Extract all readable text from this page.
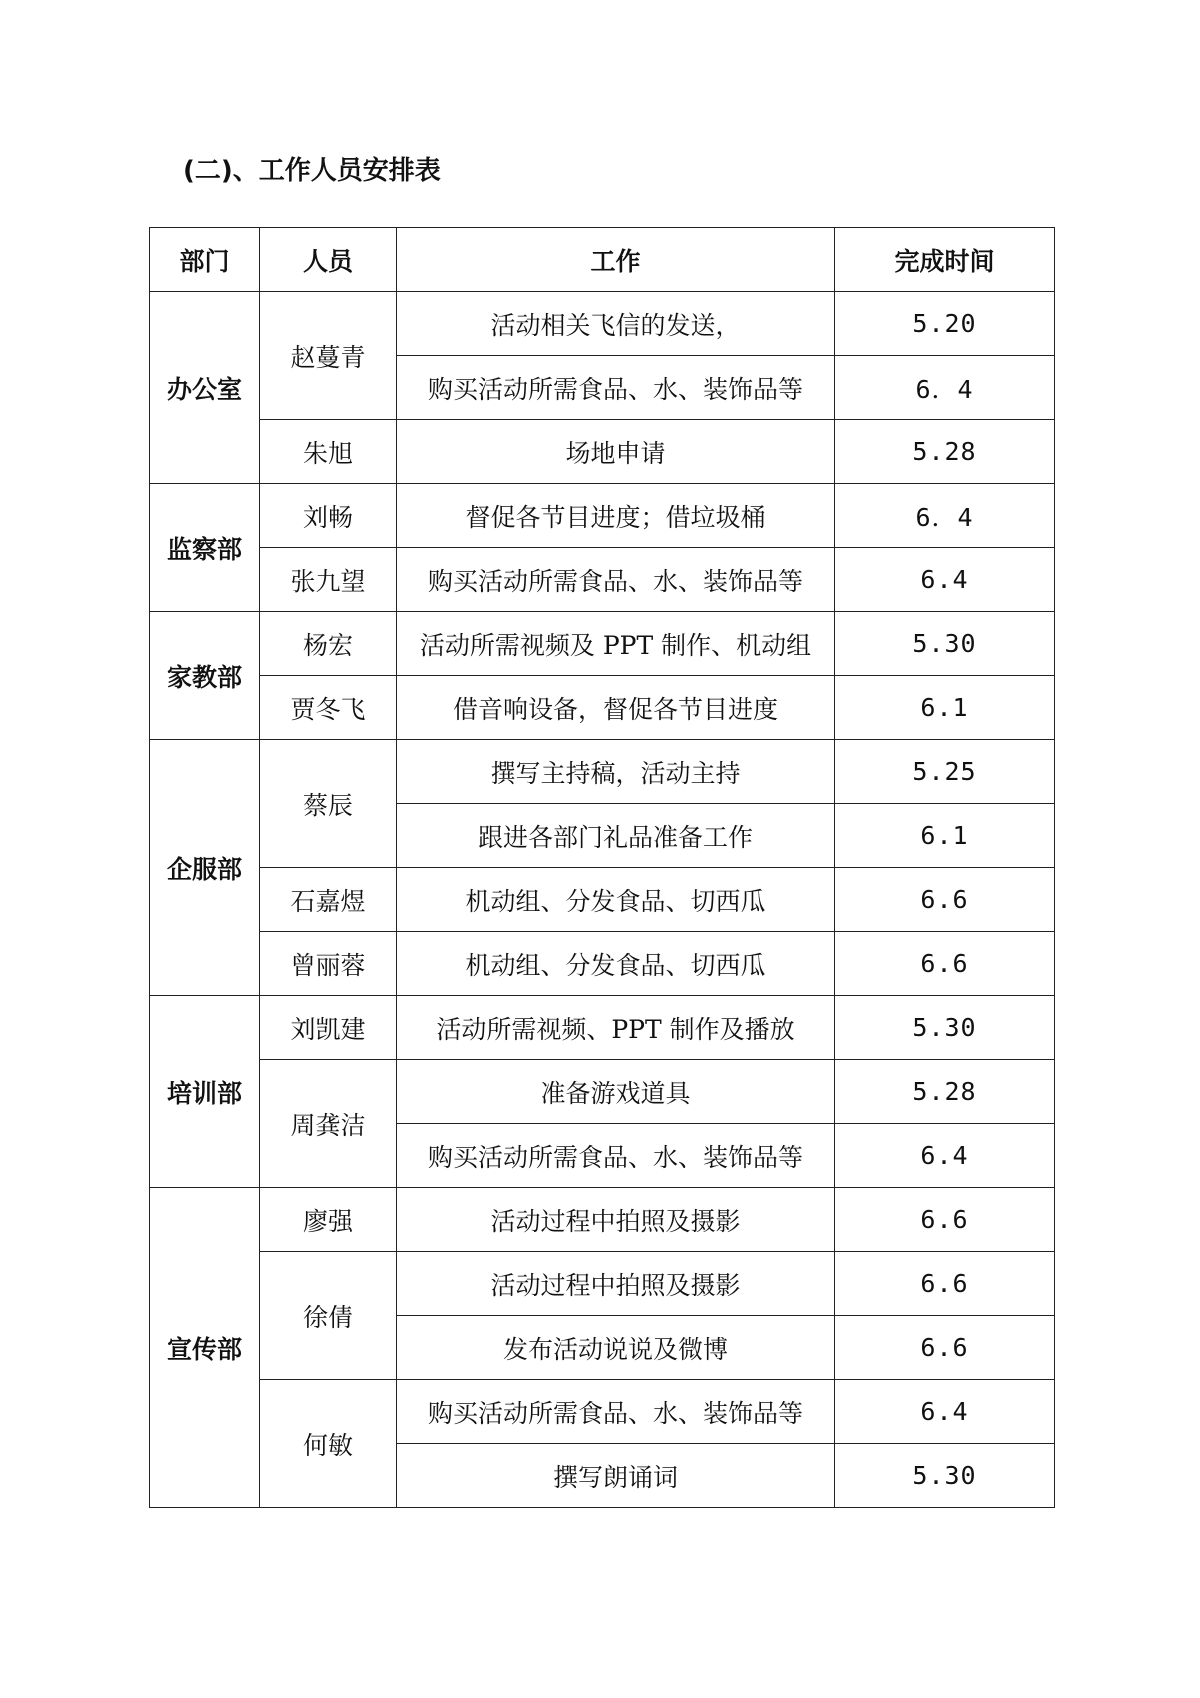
(二)、工作人员安排表
部门	人员	工作	完成时间
办公室	赵蔓青	活动相关飞信的发送，	5.20
		购买活动所需食品、水、装饰品等	6．4
	朱旭	场地申请	5.28
监察部	刘畅	督促各节目进度；借垃圾桶	6．4
	张九望	购买活动所需食品、水、装饰品等	6.4
家教部	杨宏	活动所需视频及 PPT 制作、机动组	5.30
	贾冬飞	借音响设备，督促各节目进度	6.1
企服部	蔡辰	撰写主持稿，活动主持	5.25
		跟进各部门礼品准备工作	6.1
	石嘉煜	机动组、分发食品、切西瓜	6.6
	曾丽蓉	机动组、分发食品、切西瓜	6.6
培训部	刘凯建	活动所需视频、PPT 制作及播放	5.30
	周龚洁	准备游戏道具	5.28
		购买活动所需食品、水、装饰品等	6.4
宣传部	廖强	活动过程中拍照及摄影	6.6
	徐倩	活动过程中拍照及摄影	6.6
		发布活动说说及微博	6.6
	何敏	购买活动所需食品、水、装饰品等	6.4
		撰写朗诵词	5.30
